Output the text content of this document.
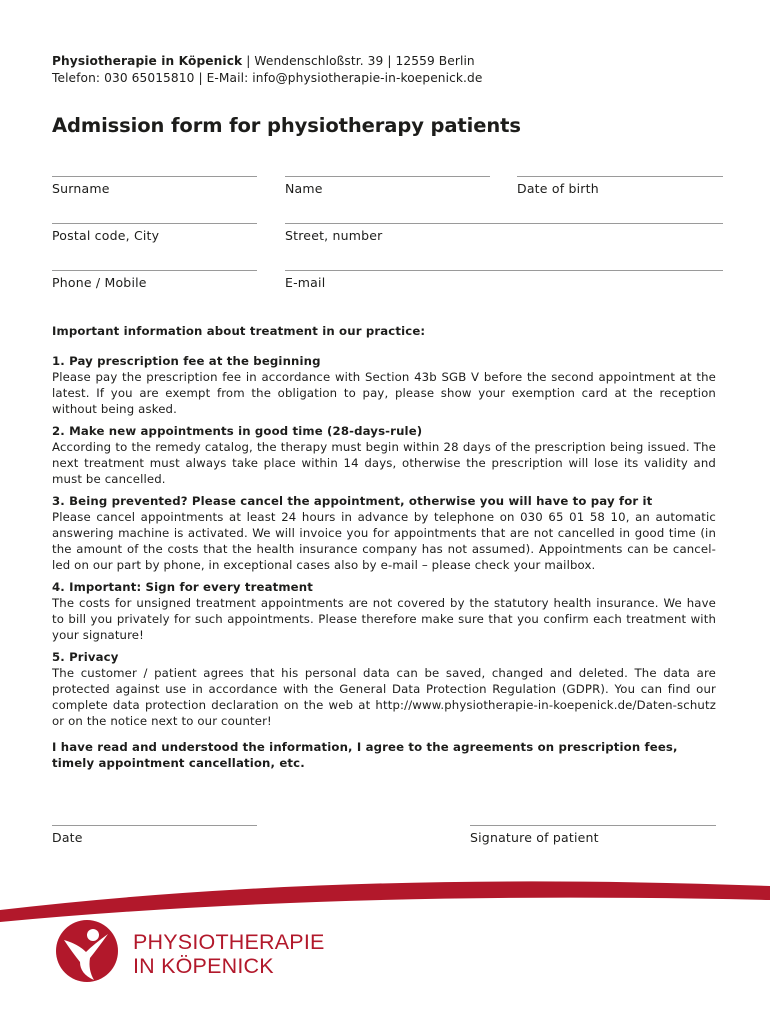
Physiotherapie in Köpenick | Wendenschloßstr. 39 | 12559 Berlin
Telefon: 030 65015810 | E-Mail: info@physiotherapie-in-koepenick.de
Admission form for physiotherapy patients
Surname	Name	Date of birth
Postal code, City	Street, number
Phone / Mobile	E-mail
Important information about treatment in our practice:
1. Pay prescription fee at the beginning
Please pay the prescription fee in accordance with Section 43b SGB V before the second appointment at the latest. If you are exempt from the obligation to pay, please show your exemption card at the reception without being asked.
2. Make new appointments in good time (28-days-rule)
According to the remedy catalog, the therapy must begin within 28 days of the prescription being issued. The next treatment must always take place within 14 days, otherwise the prescription will lose its validity and must be cancelled.
3. Being prevented? Please cancel the appointment, otherwise you will have to pay for it
Please cancel appointments at least 24 hours in advance by telephone on 030 65 01 58 10, an automatic answering machine is activated. We will invoice you for appointments that are not cancelled in good time (in the amount of the costs that the health insurance company has not assumed). Appointments can be cancel-led on our part by phone, in exceptional cases also by e-mail – please check your mailbox.
4. Important: Sign for every treatment
The costs for unsigned treatment appointments are not covered by the statutory health insurance. We have to bill you privately for such appointments. Please therefore make sure that you confirm each treatment with your signature!
5. Privacy
The customer / patient agrees that his personal data can be saved, changed and deleted. The data are protected against use in accordance with the General Data Protection Regulation (GDPR). You can find our complete data protection declaration on the web at http://www.physiotherapie-in-koepenick.de/Daten-schutz or on the notice next to our counter!
I have read and understood the information, I agree to the agreements on prescription fees, timely appointment cancellation, etc.
Date	Signature of patient
PHYSIOTHERAPIE
IN KÖPENICK
